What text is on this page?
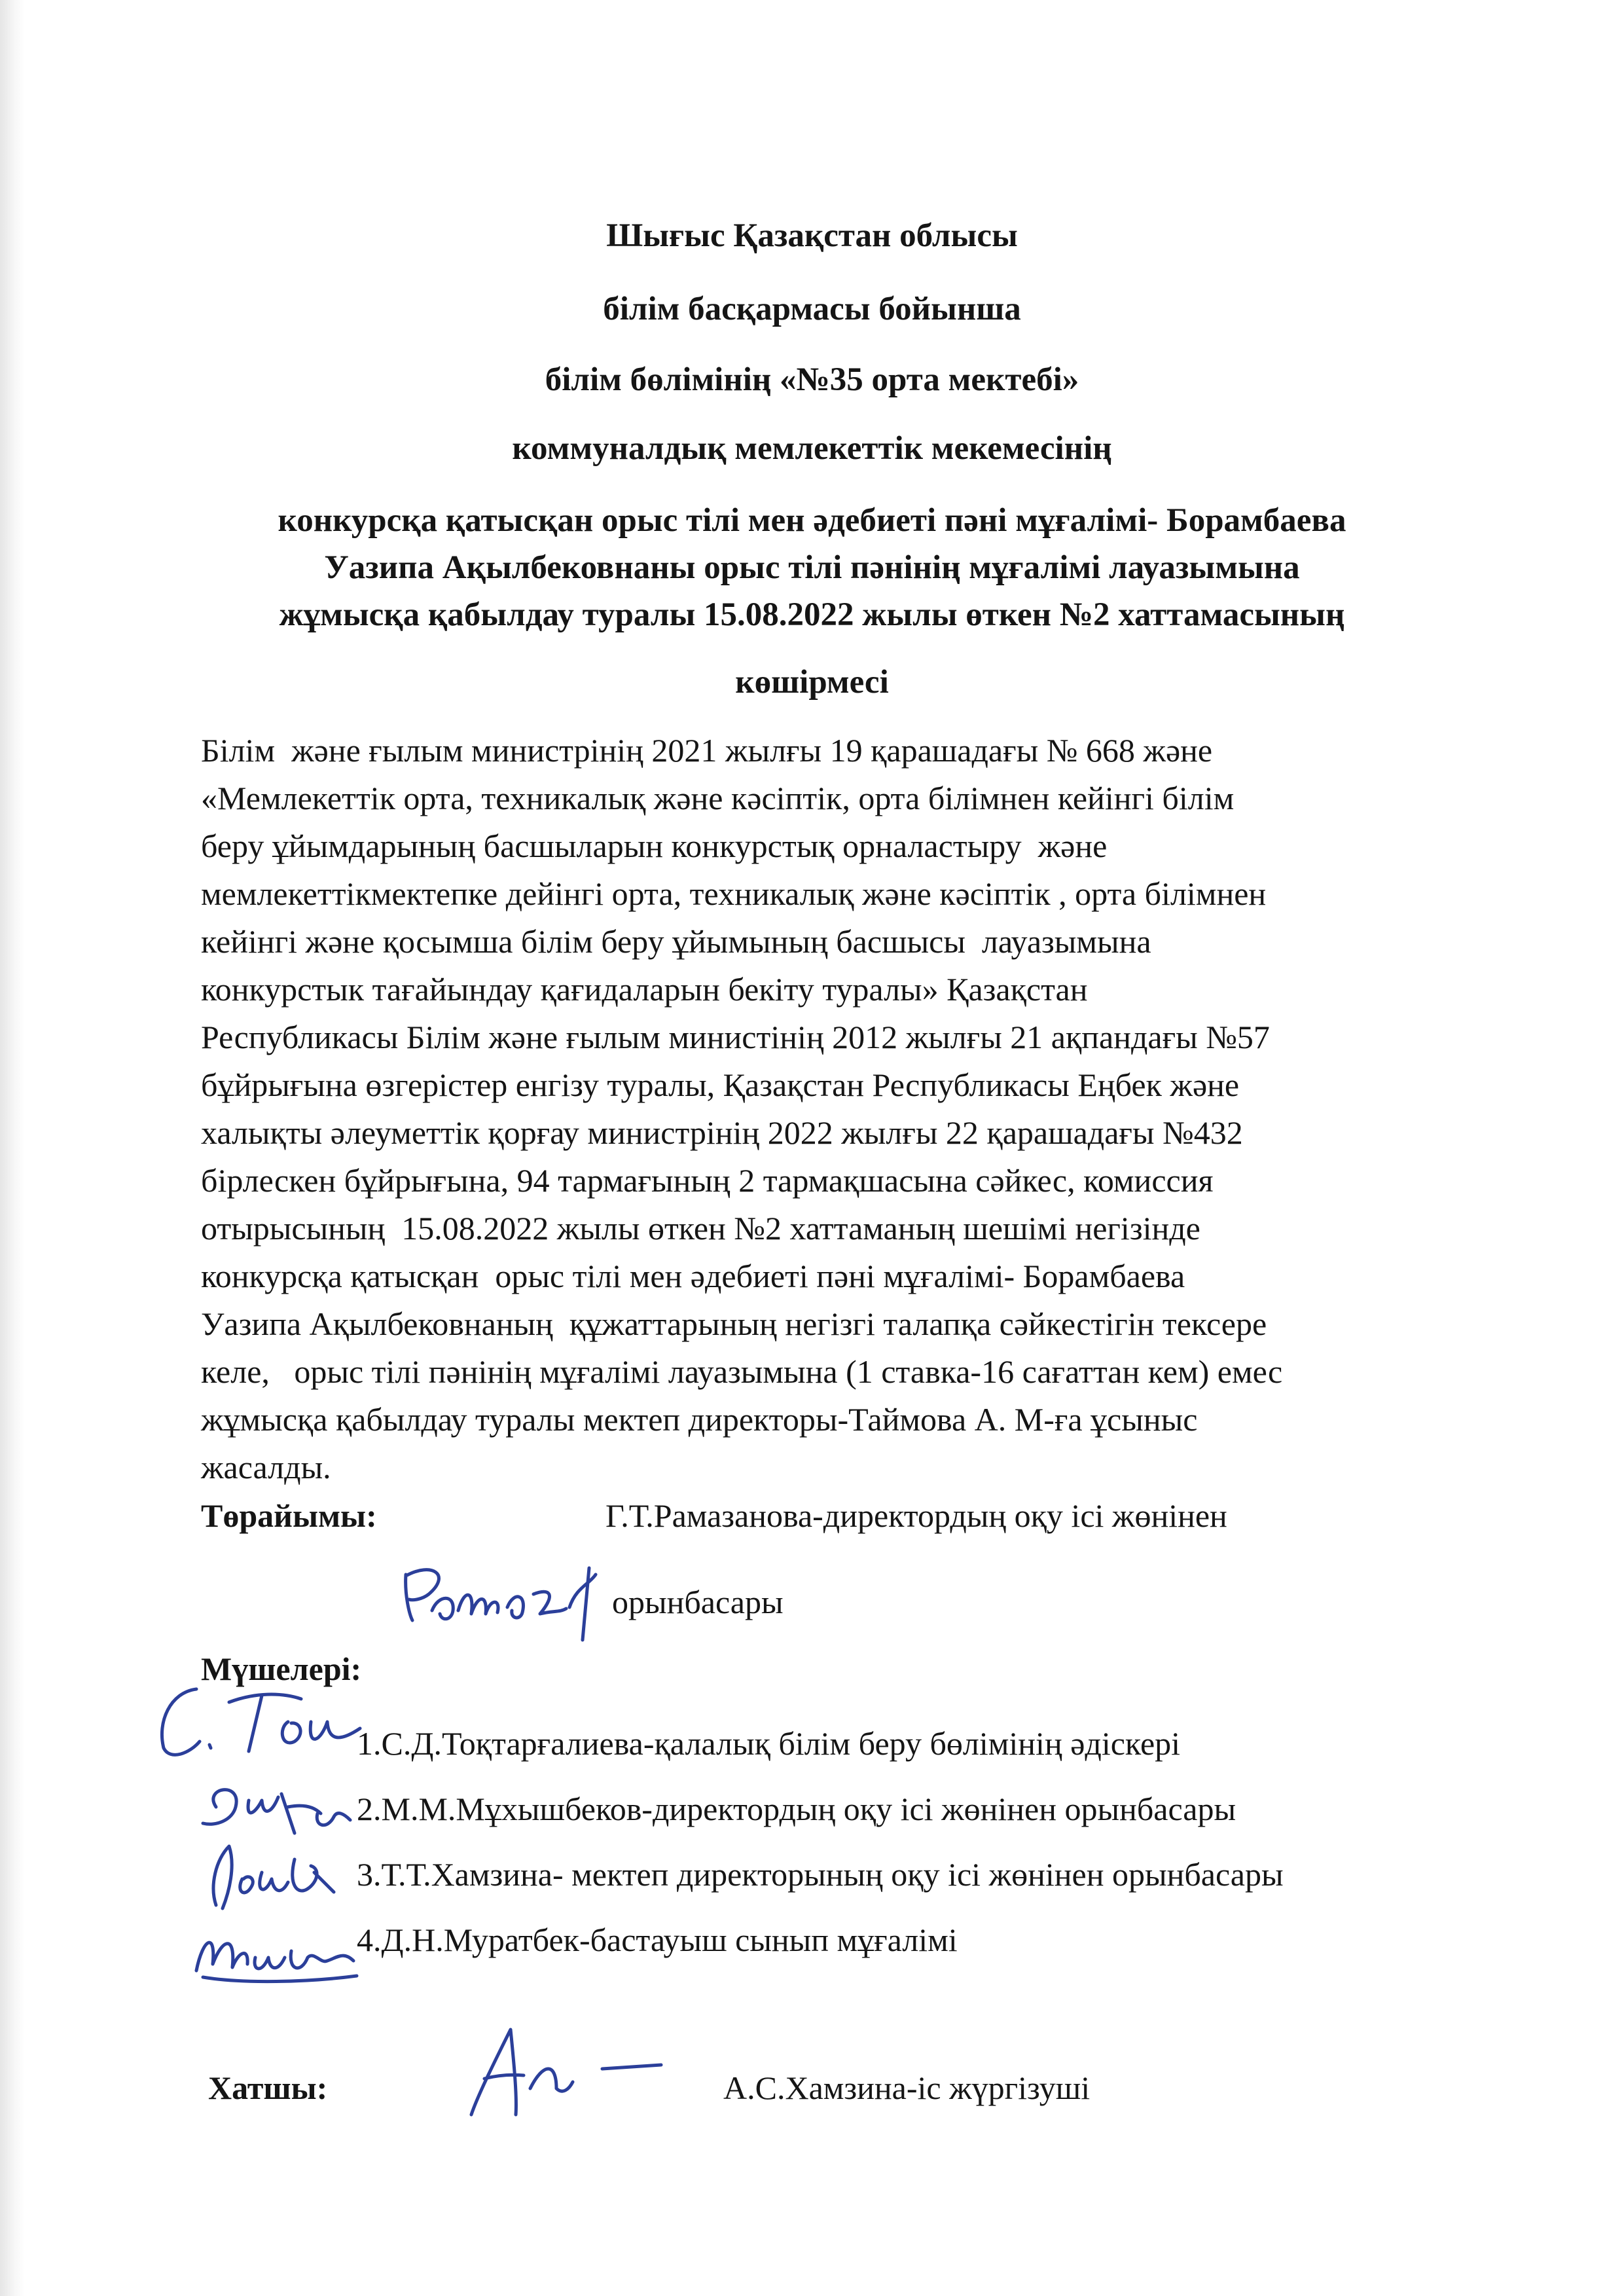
Шығыс Қазақстан облысы

білім басқармасы бойынша

білім бөлімінің «№35 орта мектебі»

коммуналдық мемлекеттік мекемесінің

конкурсқа қатысқан орыс тілі мен әдебиеті пәні мұғалімі- Борамбаева

Уазипа Ақылбековнаны орыс тілі пәнінің мұғалімі лауазымына

жұмысқа қабылдау туралы 15.08.2022 жылы өткен №2 хаттамасының

көшірмесі

Білім  және ғылым министрінің 2021 жылғы 19 қарашадағы № 668 және
«Мемлекеттік орта, техникалық және кәсіптік, орта білімнен кейінгі білім
беру ұйымдарының басшыларын конкурстық орналастыру  және
мемлекеттікмектепке дейінгі орта, техникалық және кәсіптік , орта білімнен
кейінгі және қосымша білім беру ұйымының басшысы  лауазымына
конкурстык тағайындау қағидаларын бекіту туралы» Қазақстан
Республикасы Білім және ғылым министінің 2012 жылғы 21 ақпандағы №57
бұйрығына өзгерістер енгізу туралы, Қазақстан Республикасы Еңбек және
халықты әлеуметтік қорғау министрінің 2022 жылғы 22 қарашадағы №432
бірлескен бұйрығына, 94 тармағының 2 тармақшасына сәйкес, комиссия
отырысының  15.08.2022 жылы өткен №2 хаттаманың шешімі негізінде
конкурсқа қатысқан  орыс тілі мен әдебиеті пәні мұғалімі- Борамбаева
Уазипа Ақылбековнаның  құжаттарының негізгі талапқа сәйкестігін тексере
келе,   орыс тілі пәнінің мұғалімі лауазымына (1 ставка-16 сағаттан кем) емес
жұмысқа қабылдау туралы мектеп директоры-Таймова А. М-ға ұсыныс
жасалды.

Төрайымы:	Г.Т.Рамазанова-директордың оқу ісі жөнінен

орынбасары

Мүшелері:

1.С.Д.Тоқтарғалиева-қалалық білім беру бөлімінің әдіскері

2.М.М.Мұхышбеков-директордың оқу ісі жөнінен орынбасары

3.Т.Т.Хамзина- мектеп директорының оқу ісі жөнінен орынбасары

4.Д.Н.Муратбек-бастауыш сынып мұғалімі

Хатшы:	А.С.Хамзина-іс жүргізуші
